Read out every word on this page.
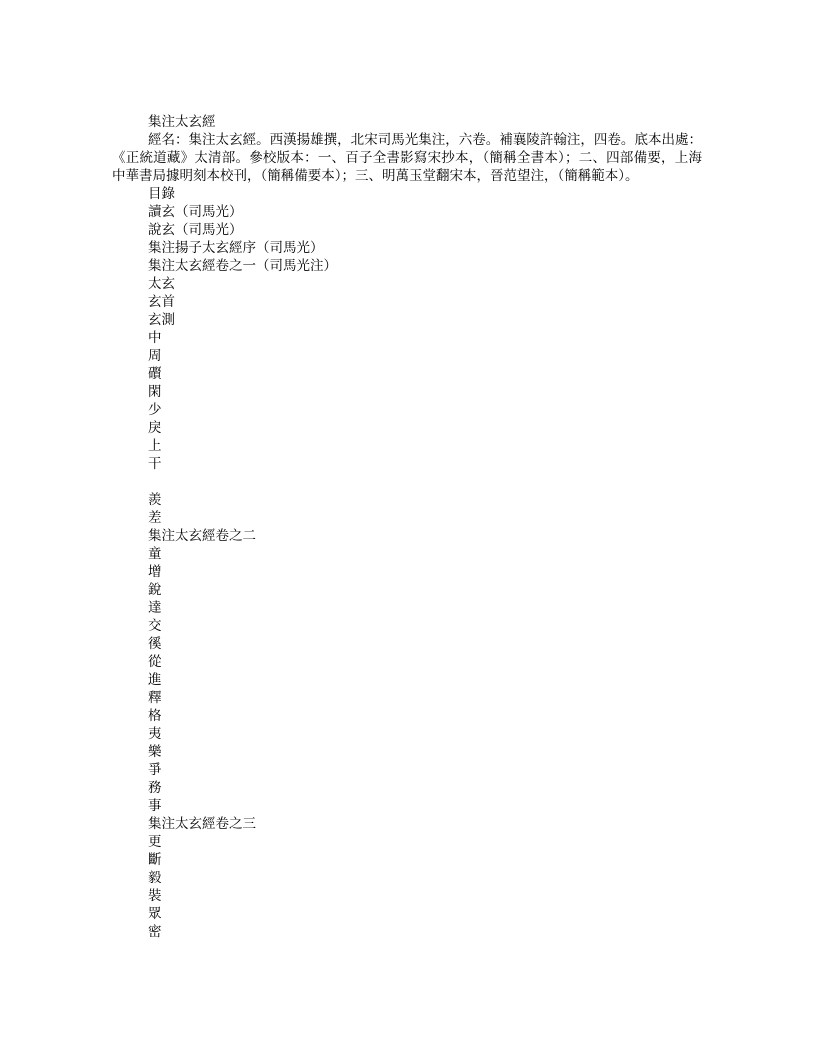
集注太玄經
經名：集注太玄經。西漢揚雄撰，北宋司馬光集注，六卷。補襄陵許翰注，四卷。底本出處：《正統道藏》太清部。參校版本：一、百子全書影寫宋抄本，（簡稱全書本）；二、四部備要，上海中華書局據明刻本校刊，（簡稱備要本）；三、明萬玉堂翻宋本，晉范望注，（簡稱範本）。
目錄
讀玄（司馬光）
說玄（司馬光）
集注揚子太玄經序（司馬光）
集注太玄經卷之一（司馬光注）
太玄
玄首
玄測
中
周
礥
閑
少
戾
上
干
羨
差
集注太玄經卷之二
童
增
銳
達
交
徯
從
進
釋
格
夷
樂
爭
務
事
集注太玄經卷之三
更
斷
毅
裝
眾
密
